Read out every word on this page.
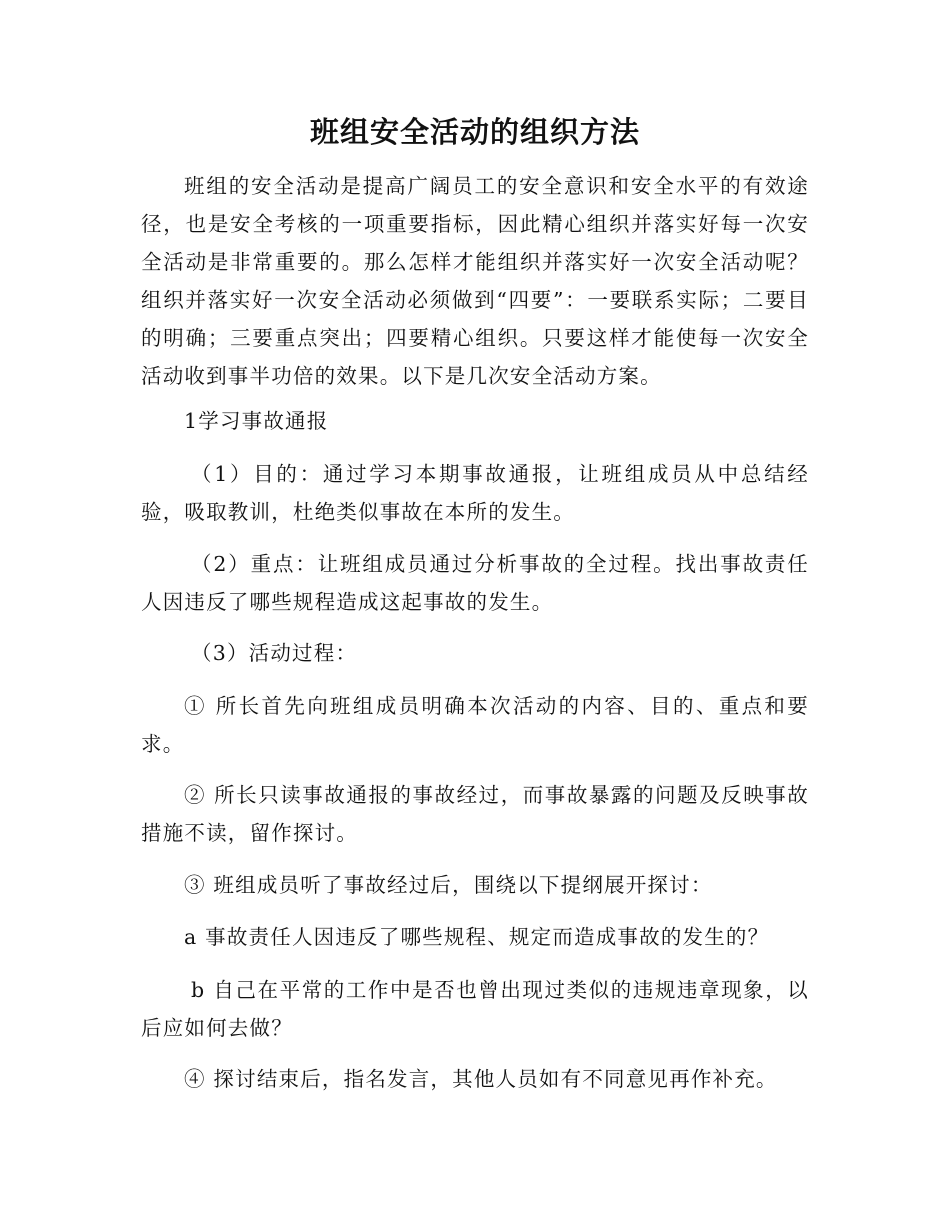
班组安全活动的组织方法

班组的安全活动是提高广阔员工的安全意识和安全水平的有效途径，也是安全考核的一项重要指标，因此精心组织并落实好每一次安全活动是非常重要的。那么怎样才能组织并落实好一次安全活动呢？组织并落实好一次安全活动必须做到“四要”：一要联系实际；二要目的明确；三要重点突出；四要精心组织。只要这样才能使每一次安全活动收到事半功倍的效果。以下是几次安全活动方案。

1学习事故通报

（1）目的：通过学习本期事故通报，让班组成员从中总结经验，吸取教训，杜绝类似事故在本所的发生。

（2）重点：让班组成员通过分析事故的全过程。找出事故责任人因违反了哪些规程造成这起事故的发生。

（3）活动过程：

① 所长首先向班组成员明确本次活动的内容、目的、重点和要求。

② 所长只读事故通报的事故经过，而事故暴露的问题及反映事故措施不读，留作探讨。

③ 班组成员听了事故经过后，围绕以下提纲展开探讨：

a 事故责任人因违反了哪些规程、规定而造成事故的发生的？

b 自己在平常的工作中是否也曾出现过类似的违规违章现象，以后应如何去做？

④ 探讨结束后，指名发言，其他人员如有不同意见再作补充。
